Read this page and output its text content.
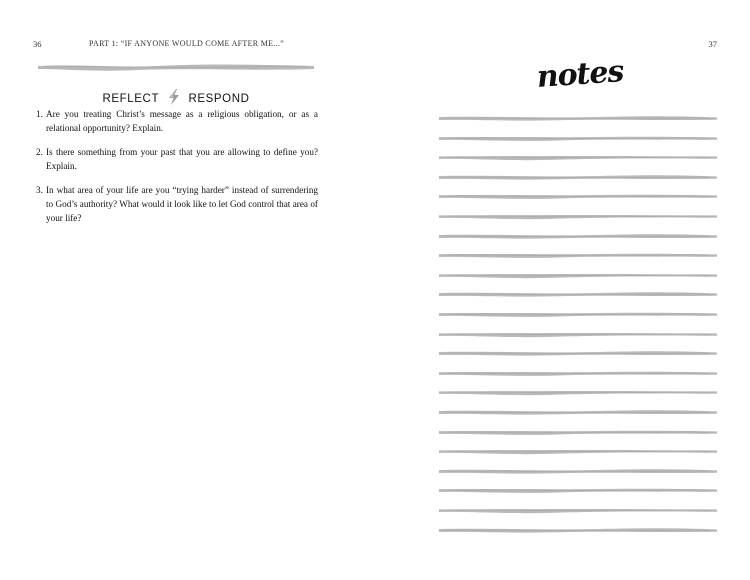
36	PART 1: “IF ANYONE WOULD COME AFTER ME...”
REFLECT	RESPOND
1. Are you treating Christ’s message as a religious obligation, or as a relational opportunity? Explain.
2. Is there something from your past that you are allowing to define you? Explain.
3. In what area of your life are you “trying harder” instead of surrendering to God’s authority? What would it look like to let God control that area of your life?
37
notes
